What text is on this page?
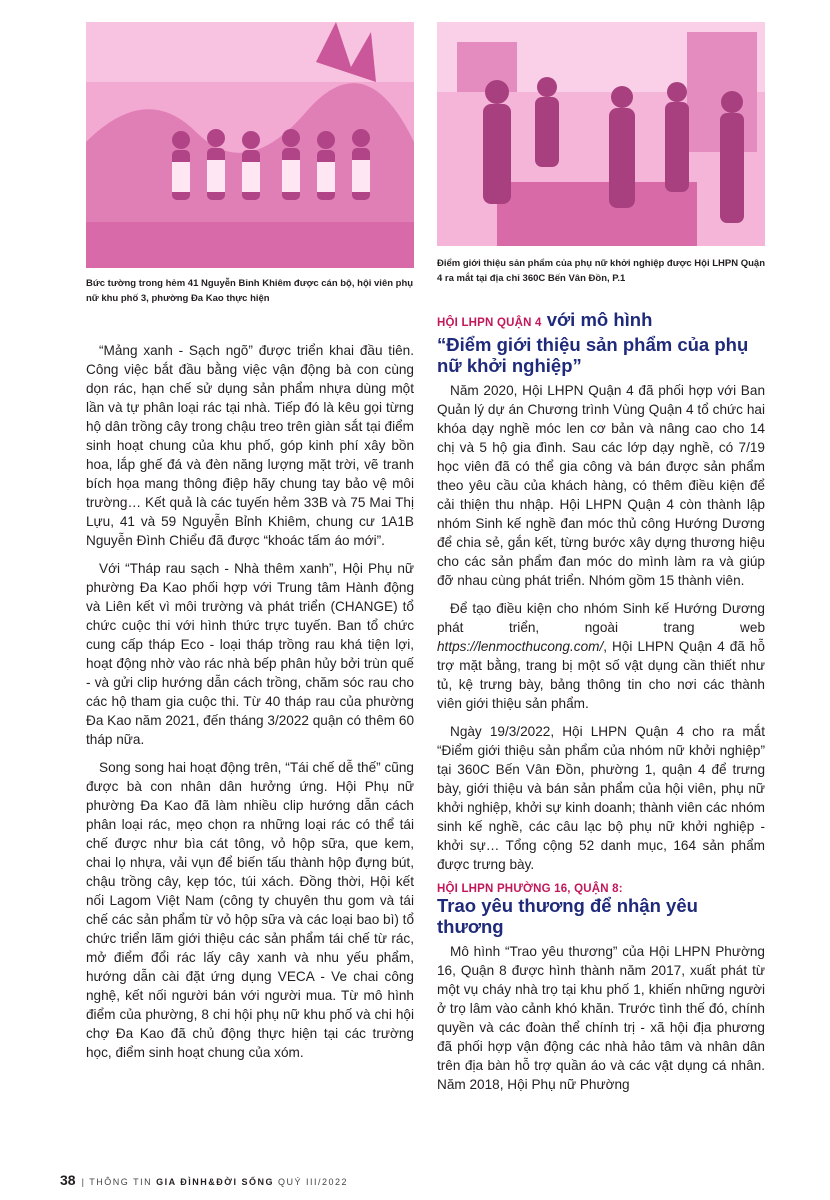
Bức tường trong hẻm 41 Nguyễn Bỉnh Khiêm được cán bộ, hội viên phụ nữ khu phố 3, phường Đa Kao thực hiện
Điểm giới thiệu sản phẩm của phụ nữ khởi nghiệp được Hội LHPN Quận 4 ra mắt tại địa chỉ 360C Bến Vân Đồn, P.1

“Mảng xanh - Sạch ngõ” được triển khai đầu tiên. Công việc bắt đầu bằng việc vận động bà con cùng dọn rác, hạn chế sử dụng sản phẩm nhựa dùng một lần và tự phân loại rác tại nhà. Tiếp đó là kêu gọi từng hộ dân trồng cây trong chậu treo trên giàn sắt tại điểm sinh hoạt chung của khu phố, góp kinh phí xây bồn hoa, lắp ghế đá và đèn năng lượng mặt trời, vẽ tranh bích họa mang thông điệp hãy chung tay bảo vệ môi trường… Kết quả là các tuyến hẻm 33B và 75 Mai Thị Lựu, 41 và 59 Nguyễn Bỉnh Khiêm, chung cư 1A1B Nguyễn Đình Chiểu đã được “khoác tấm áo mới”.

Với “Tháp rau sạch - Nhà thêm xanh”, Hội Phụ nữ phường Đa Kao phối hợp với Trung tâm Hành động và Liên kết vì môi trường và phát triển (CHANGE) tổ chức cuộc thi với hình thức trực tuyến. Ban tổ chức cung cấp tháp Eco - loại tháp trồng rau khá tiện lợi, hoạt động nhờ vào rác nhà bếp phân hủy bởi trùn quế - và gửi clip hướng dẫn cách trồng, chăm sóc rau cho các hộ tham gia cuộc thi. Từ 40 tháp rau của phường Đa Kao năm 2021, đến tháng 3/2022 quận có thêm 60 tháp nữa.

Song song hai hoạt động trên, “Tái chế dễ thế” cũng được bà con nhân dân hưởng ứng. Hội Phụ nữ phường Đa Kao đã làm nhiều clip hướng dẫn cách phân loại rác, mẹo chọn ra những loại rác có thể tái chế được như bìa cát tông, vỏ hộp sữa, que kem, chai lọ nhựa, vải vụn để biến tấu thành hộp đựng bút, chậu trồng cây, kẹp tóc, túi xách. Đồng thời, Hội kết nối Lagom Việt Nam (công ty chuyên thu gom và tái chế các sản phẩm từ vỏ hộp sữa và các loại bao bì) tổ chức triển lãm giới thiệu các sản phẩm tái chế từ rác, mở điểm đổi rác lấy cây xanh và nhu yếu phẩm, hướng dẫn cài đặt ứng dụng VECA - Ve chai công nghệ, kết nối người bán với người mua. Từ mô hình điểm của phường, 8 chi hội phụ nữ khu phố và chi hội chợ Đa Kao đã chủ động thực hiện tại các trường học, điểm sinh hoạt chung của xóm.

HỘI LHPN QUẬN 4 với mô hình
“Điểm giới thiệu sản phẩm của phụ nữ khởi nghiệp”

Năm 2020, Hội LHPN Quận 4 đã phối hợp với Ban Quản lý dự án Chương trình Vùng Quận 4 tổ chức hai khóa dạy nghề móc len cơ bản và nâng cao cho 14 chị và 5 hộ gia đình. Sau các lớp dạy nghề, có 7/19 học viên đã có thể gia công và bán được sản phẩm theo yêu cầu của khách hàng, có thêm điều kiện để cải thiện thu nhập. Hội LHPN Quận 4 còn thành lập nhóm Sinh kế nghề đan móc thủ công Hướng Dương để chia sẻ, gắn kết, từng bước xây dựng thương hiệu cho các sản phẩm đan móc do mình làm ra và giúp đỡ nhau cùng phát triển. Nhóm gồm 15 thành viên.

Để tạo điều kiện cho nhóm Sinh kế Hướng Dương phát triển, ngoài trang web https://lenmocthucong.com/, Hội LHPN Quận 4 đã hỗ trợ mặt bằng, trang bị một số vật dụng cần thiết như tủ, kệ trưng bày, bảng thông tin cho nơi các thành viên giới thiệu sản phẩm.

Ngày 19/3/2022, Hội LHPN Quận 4 cho ra mắt “Điểm giới thiệu sản phẩm của nhóm nữ khởi nghiệp” tại 360C Bến Vân Đồn, phường 1, quận 4 để trưng bày, giới thiệu và bán sản phẩm của hội viên, phụ nữ khởi nghiệp, khởi sự kinh doanh; thành viên các nhóm sinh kế nghề, các câu lạc bộ phụ nữ khởi nghiệp - khởi sự… Tổng cộng 52 danh mục, 164 sản phẩm được trưng bày.

HỘI LHPN PHƯỜNG 16, QUẬN 8:
Trao yêu thương để nhận yêu thương

Mô hình “Trao yêu thương” của Hội LHPN Phường 16, Quận 8 được hình thành năm 2017, xuất phát từ một vụ cháy nhà trọ tại khu phố 1, khiến những người ở trọ lâm vào cảnh khó khăn. Trước tình thế đó, chính quyền và các đoàn thể chính trị - xã hội địa phương đã phối hợp vận động các nhà hảo tâm và nhân dân trên địa bàn hỗ trợ quần áo và các vật dụng cá nhân. Năm 2018, Hội Phụ nữ Phường

38 | THÔNG TIN GIA ĐÌNH&ĐỜI SỐNG QUÝ III/2022
